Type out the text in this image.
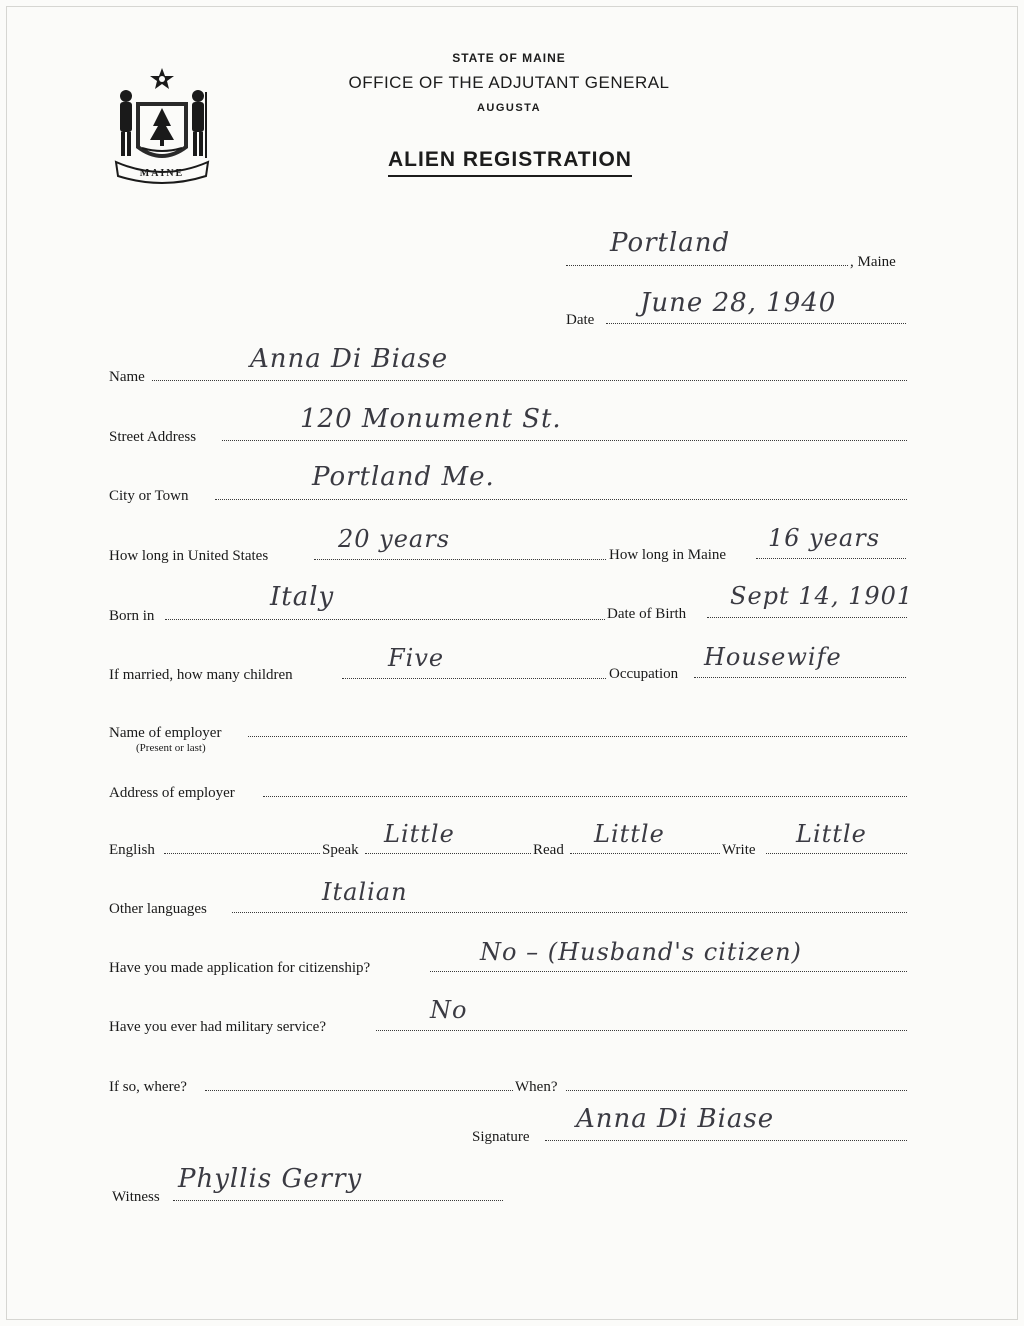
MAINE
STATE OF MAINE
OFFICE OF THE ADJUTANT GENERAL
AUGUSTA
ALIEN REGISTRATION
Portland
, Maine
Date
June 28, 1940
Name
Anna Di Biase
Street Address
120 Monument St.
City or Town
Portland Me.
How long in United States
20 years
How long in Maine
16 years
Born in
Italy
Date of Birth
Sept 14, 1901
If married, how many children
Five
Occupation
Housewife
Name of employer
(Present or last)
Address of employer
English	Speak
Little
Read
Little
Write
Little
Other languages
Italian
Have you made application for citizenship?
No – (Husband's citizen)
Have you ever had military service?
No
If so, where?	When?
Signature
Anna Di Biase
Witness
Phyllis Gerry
